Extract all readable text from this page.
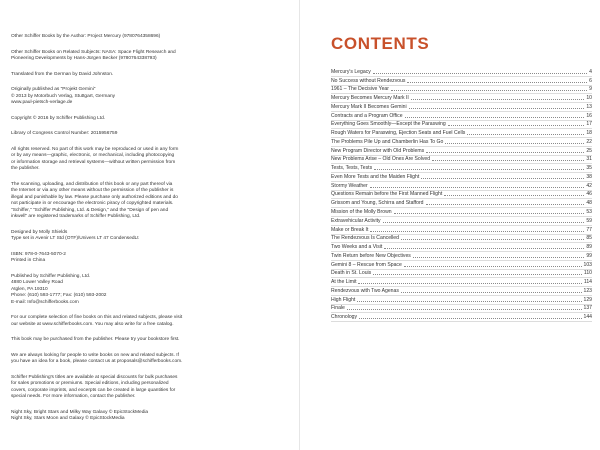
Other Schiffer Books by the Author: Project Mercury (9780764358696)

Other Schiffer Books on Related Subjects: NASA: Space Flight Research and
Pioneering Developments by Hans-Jürgen Becker (9780764338793)

Translated from the German by David Johnston.

Originally published as "Projekt Gemini"
© 2013 by Motorbuch Verlag, Stuttgart, Germany
www.paul-pietsch-verlage.de

Copyright © 2016 by Schiffer Publishing Ltd.

Library of Congress Control Number: 2015956759

All rights reserved. No part of this work may be reproduced or used in any form
or by any means—graphic, electronic, or mechanical, including photocopying
or information storage and retrieval systems—without written permission from
the publisher.

The scanning, uploading, and distribution of this book or any part thereof via
the Internet or via any other means without the permission of the publisher is
illegal and punishable by law. Please purchase only authorized editions and do
not participate in or encourage the electronic piracy of copyrighted materials.
"Schiffer," "Schiffer Publishing, Ltd. & Design," and the "Design of pen and
inkwell" are registered trademarks of Schiffer Publishing, Ltd.

Designed by Molly Shields
Type set in Avenir LT Std (OTF)/Univers LT 47 CondensedLt

ISBN: 978-0-7643-5070-2
Printed in China

Published by Schiffer Publishing, Ltd.
4880 Lower Valley Road
Atglen, PA 19310
Phone: (610) 593-1777; Fax: (610) 593-2002
E-mail: Info@schifferbooks.com

For our complete selection of fine books on this and related subjects, please visit
our website at www.schifferbooks.com. You may also write for a free catalog.

This book may be purchased from the publisher. Please try your bookstore first.

We are always looking for people to write books on new and related subjects. If
you have an idea for a book, please contact us at proposals@schifferbooks.com.

Schiffer Publishing's titles are available at special discounts for bulk purchases
for sales promotions or premiums. Special editions, including personalized
covers, corporate imprints, and excerpts can be created in large quantities for
special needs. For more information, contact the publisher.

Night Sky, Bright Stars and Milky Way Galaxy © EpicStockMedia
Night Sky, Stars Moon and Galaxy © EpicStockMedia

CONTENTS
Mercury's Legacy	4
No Success without Rendezvous	6
1961 – The Decisive Year	9
Mercury Becomes Mercury Mark II	10
Mercury Mark II Becomes Gemini	13
Contracts and a Program Office	16
Everything Goes Smoothly—Except the Paraswing	17
Rough Waters for Paraswing, Ejection Seats and Fuel Cells	18
The Problems Pile Up and Chamberlin Has To Go	22
New Program Director with Old Problems	25
New Problems Arise – Old Ones Are Solved	31
Tests, Tests, Tests	35
Even More Tests and the Maiden Flight	38
Stormy Weather	42
Questions Remain before the First Manned Flight	46
Grissom and Young, Schirra and Stafford	48
Mission of the Molly Brown	53
Extravehicular Activity	59
Make or Break It	77
The Rendezvous Is Cancelled	85
Two Weeks and a Visit	89
Twin Return before New Objectives	99
Gemini 8 – Rescue from Space	103
Death in St. Louis	110
At the Limit	114
Rendezvous with Two Agenas	123
High Flight	129
Finale	137
Chronology	144
